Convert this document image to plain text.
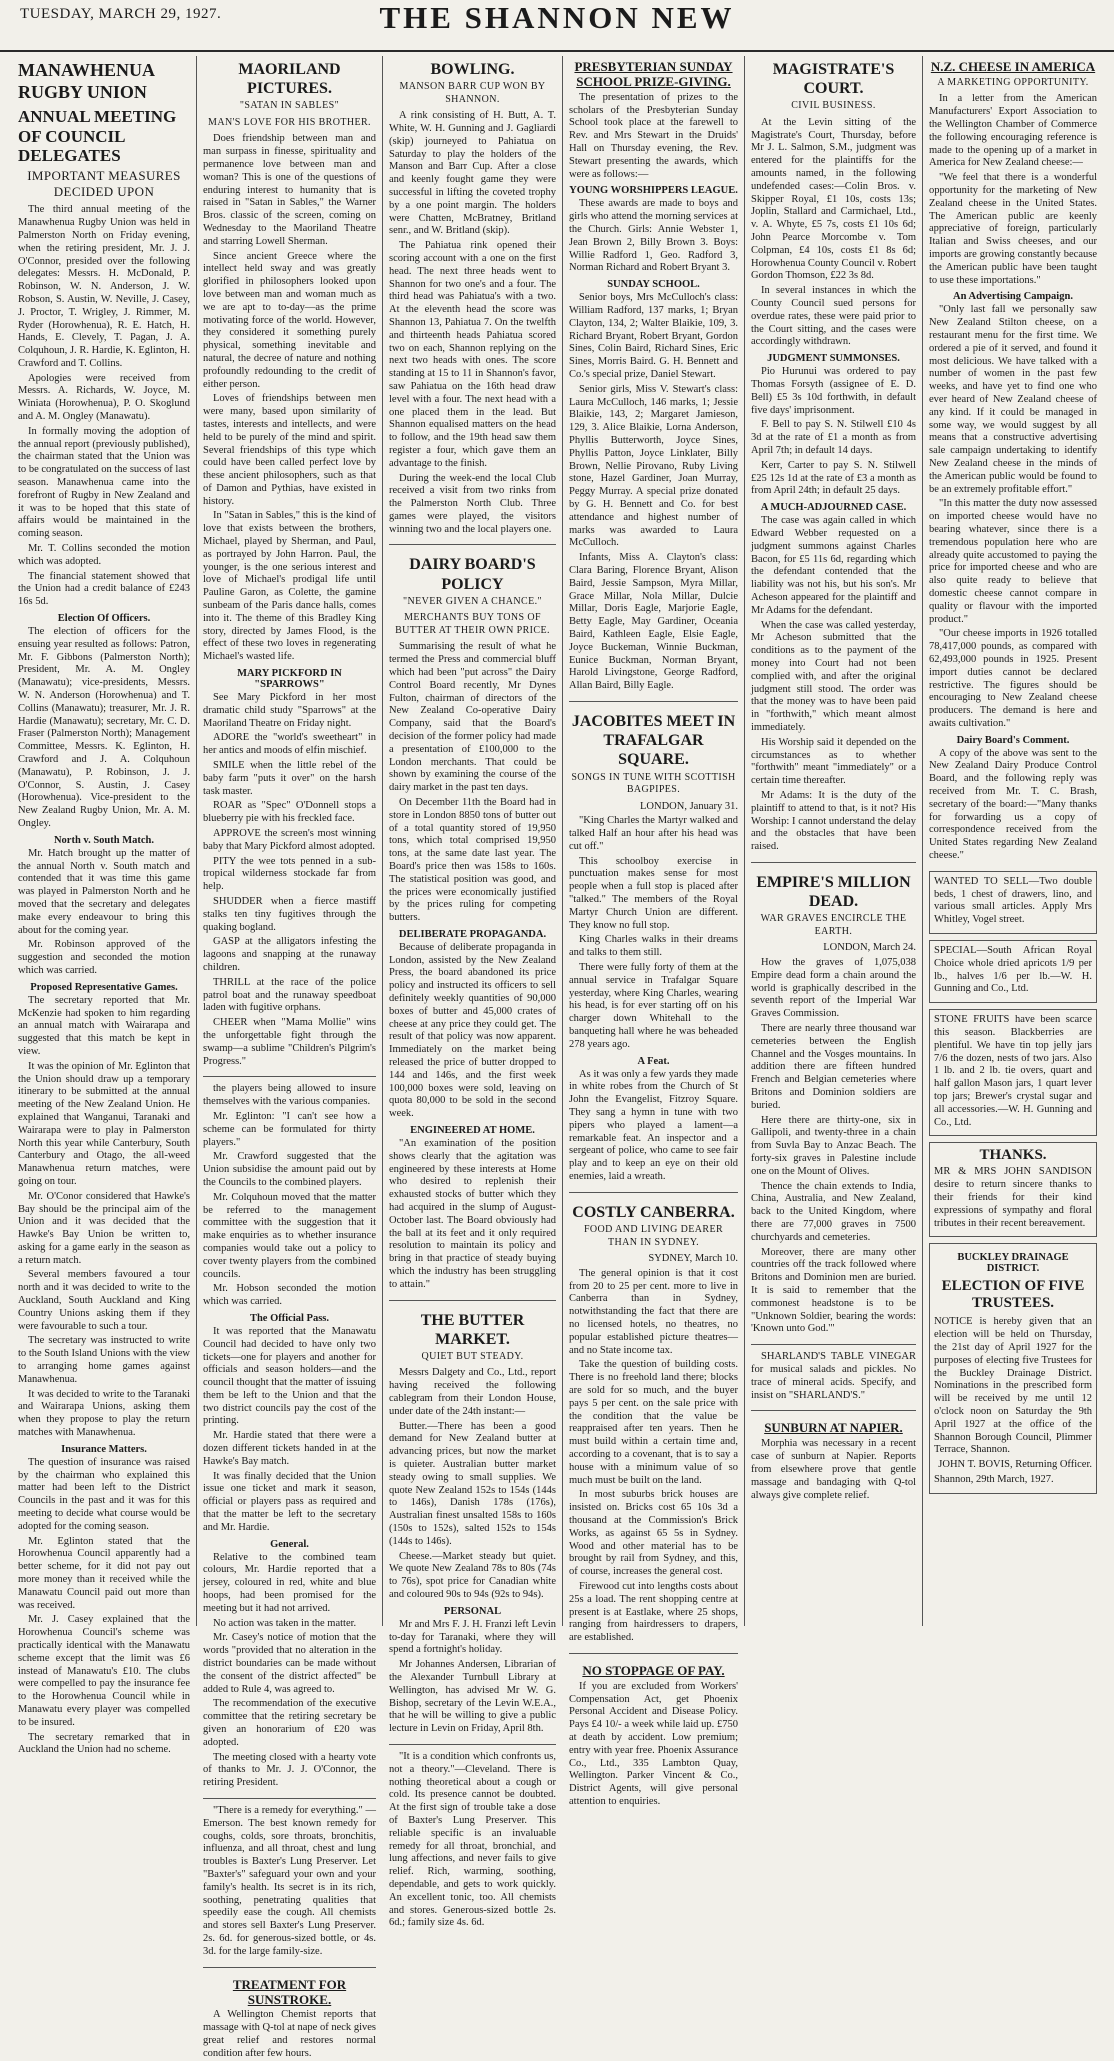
TUESDAY, MARCH 29, 1927.	THE SHANNON NEW
MANAWHENUA RUGBY UNION
ANNUAL MEETING OF COUNCIL DELEGATES
IMPORTANT MEASURES DECIDED UPON

The third annual meeting of the Manawhenua Rugby Union was held in Palmerston North on Friday evening, when the retiring president, Mr. J. J. O'Connor, presided over the following delegates: Messrs. H. McDonald, P. Robinson, W. N. Anderson, J. W. Robson, S. Austin, W. Neville, J. Casey, J. Proctor, T. Wrigley, J. Rimmer, M. Ryder (Horowhenua), R. E. Hatch, H. Hands, E. Clevely, T. Pagan, J. A. Colquhoun, J. R. Hardie, K. Eglinton, H. Crawford and T. Collins.

Apologies were received from Messrs. A. Richards, W. Joyce, M. Winiata (Horowhenua), P. O. Skoglund and A. M. Ongley (Manawatu).

In formally moving the adoption of the annual report (previously published), the chairman stated that the Union was to be congratulated on the success of last season. Manawhenua came into the forefront of Rugby in New Zealand and it was to be hoped that this state of affairs would be maintained in the coming season.

Mr. T. Collins seconded the motion which was adopted.

The financial statement showed that the Union had a credit balance of £243 16s 5d.

Election Of Officers.

The election of officers for the ensuing year resulted as follows: Patron, Mr. F. Gibbons (Palmerston North); President, Mr. A. M. Ongley (Manawatu); vice-presidents, Messrs. W. N. Anderson (Horowhenua) and T. Collins (Manawatu); treasurer, Mr. J. R. Hardie (Manawatu); secretary, Mr. C. D. Fraser (Palmerston North); Management Committee, Messrs. K. Eglinton, H. Crawford and J. A. Colquhoun (Manawatu), P. Robinson, J. J. O'Connor, S. Austin, J. Casey (Horowhenua). Vice-president to the New Zealand Rugby Union, Mr. A. M. Ongley.

North v. South Match.

Mr. Hatch brought up the matter of the annual North v. South match and contended that it was time this game was played in Palmerston North and he moved that the secretary and delegates make every endeavour to bring this about for the coming year.

Mr. Robinson approved of the suggestion and seconded the motion which was carried.

Proposed Representative Games.

The secretary reported that Mr. McKenzie had spoken to him regarding an annual match with Wairarapa and suggested that this match be kept in view.

It was the opinion of Mr. Eglinton that the Union should draw up a temporary itinerary to be submitted at the annual meeting of the New Zealand Union. He explained that Wanganui, Taranaki and Wairarapa were to play in Palmerston North this year while Canterbury, South Canterbury and Otago, the all-weed Manawhenua return matches, were going on tour.

Mr. O'Conor considered that Hawke's Bay should be the principal aim of the Union and it was decided that the Hawke's Bay Union be written to, asking for a game early in the season as a return match.

Several members favoured a tour north and it was decided to write to the Auckland, South Auckland and King Country Unions asking them if they were favourable to such a tour.

The secretary was instructed to write to the South Island Unions with the view to arranging home games against Manawhenua.

It was decided to write to the Taranaki and Wairarapa Unions, asking them when they propose to play the return matches with Manawhenua.

Insurance Matters.

The question of insurance was raised by the chairman who explained this matter had been left to the District Councils in the past and it was for this meeting to decide what course would be adopted for the coming season.

Mr. Eglinton stated that the Horowhenua Council apparently had a better scheme, for it did not pay out more money than it received while the Manawatu Council paid out more than was received.

Mr. J. Casey explained that the Horowhenua Council's scheme was practically identical with the Manawatu scheme except that the limit was £6 instead of Manawatu's £10. The clubs were compelled to pay the insurance fee to the Horowhenua Council while in Manawatu every player was compelled to be insured.

The secretary remarked that in Auckland the Union had no scheme.

MAORILAND PICTURES.
"SATAN IN SABLES"
MAN'S LOVE FOR HIS BROTHER.

Does friendship between man and man surpass in finesse, spirituality and permanence love between man and woman? This is one of the questions of enduring interest to humanity that is raised in "Satan in Sables," the Warner Bros. classic of the screen, coming on Wednesday to the Maoriland Theatre and starring Lowell Sherman.

Since ancient Greece where the intellect held sway and was greatly glorified in philosophers looked upon love between man and woman much as we are apt to to-day—as the prime motivating force of the world. However, they considered it something purely physical, something inevitable and natural, the decree of nature and nothing profoundly redounding to the credit of either person.

Loves of friendships between men were many, based upon similarity of tastes, interests and intellects, and were held to be purely of the mind and spirit. Several friendships of this type which could have been called perfect love by these ancient philosophers, such as that of Damon and Pythias, have existed in history.

In "Satan in Sables," this is the kind of love that exists between the brothers, Michael, played by Sherman, and Paul, as portrayed by John Harron. Paul, the younger, is the one serious interest and love of Michael's prodigal life until Pauline Garon, as Colette, the gamine sunbeam of the Paris dance halls, comes into it. The theme of this Bradley King story, directed by James Flood, is the effect of these two loves in regenerating Michael's wasted life.

MARY PICKFORD IN "SPARROWS"

See Mary Pickford in her most dramatic child study "Sparrows" at the Maoriland Theatre on Friday night.

ADORE the "world's sweetheart" in her antics and moods of elfin mischief.

SMILE when the little rebel of the baby farm "puts it over" on the harsh task master.

ROAR as "Spec" O'Donnell stops a blueberry pie with his freckled face.

APPROVE the screen's most winning baby that Mary Pickford almost adopted.

PITY the wee tots penned in a sub-tropical wilderness stockade far from help.

SHUDDER when a fierce mastiff stalks ten tiny fugitives through the quaking bogland.

GASP at the alligators infesting the lagoons and snapping at the runaway children.

THRILL at the race of the police patrol boat and the runaway speedboat laden with fugitive orphans.

CHEER when "Mama Mollie" wins the unforgettable fight through the swamp—a sublime "Children's Pilgrim's Progress."

the players being allowed to insure themselves with the various companies.

Mr. Eglinton: "I can't see how a scheme can be formulated for thirty players."

Mr. Crawford suggested that the Union subsidise the amount paid out by the Councils to the combined players.

Mr. Colquhoun moved that the matter be referred to the management committee with the suggestion that it make enquiries as to whether insurance companies would take out a policy to cover twenty players from the combined councils.

Mr. Hobson seconded the motion which was carried.

The Official Pass.

It was reported that the Manawatu Council had decided to have only two tickets—one for players and another for officials and season holders—and the council thought that the matter of issuing them be left to the Union and that the two district councils pay the cost of the printing.

Mr. Hardie stated that there were a dozen different tickets handed in at the Hawke's Bay match.

It was finally decided that the Union issue one ticket and mark it season, official or players pass as required and that the matter be left to the secretary and Mr. Hardie.

General.

Relative to the combined team colours, Mr. Hardie reported that a jersey, coloured in red, white and blue hoops, had been promised for the meeting but it had not arrived.

No action was taken in the matter.

Mr. Casey's notice of motion that the words "provided that no alteration in the district boundaries can be made without the consent of the district affected" be added to Rule 4, was agreed to.

The recommendation of the executive committee that the retiring secretary be given an honorarium of £20 was adopted.

The meeting closed with a hearty vote of thanks to Mr. J. J. O'Connor, the retiring President.

"There is a remedy for everything." —Emerson. The best known remedy for coughs, colds, sore throats, bronchitis, influenza, and all throat, chest and lung troubles is Baxter's Lung Preserver. Let "Baxter's" safeguard your own and your family's health. Its secret is in its rich, soothing, penetrating qualities that speedily ease the cough. All chemists and stores sell Baxter's Lung Preserver. 2s. 6d. for generous-sized bottle, or 4s. 3d. for the large family-size.

TREATMENT FOR SUNSTROKE.

A Wellington Chemist reports that massage with Q-tol at nape of neck gives great relief and restores normal condition after few hours.

BOWLING.
MANSON BARR CUP WON BY SHANNON.

A rink consisting of H. Butt, A. T. White, W. H. Gunning and J. Gagliardi (skip) journeyed to Pahiatua on Saturday to play the holders of the Manson and Barr Cup. After a close and keenly fought game they were successful in lifting the coveted trophy by a one point margin. The holders were Chatten, McBratney, Britland senr., and W. Britland (skip).

The Pahiatua rink opened their scoring account with a one on the first head. The next three heads went to Shannon for two one's and a four. The third head was Pahiatua's with a two. At the eleventh head the score was Shannon 13, Pahiatua 7. On the twelfth and thirteenth heads Pahiatua scored two on each, Shannon replying on the next two heads with ones. The score standing at 15 to 11 in Shannon's favor, saw Pahiatua on the 16th head draw level with a four. The next head with a one placed them in the lead. But Shannon equalised matters on the head to follow, and the 19th head saw them register a four, which gave them an advantage to the finish.

During the week-end the local Club received a visit from two rinks from the Palmerston North Club. Three games were played, the visitors winning two and the local players one.

DAIRY BOARD'S POLICY
"NEVER GIVEN A CHANCE."
MERCHANTS BUY TONS OF BUTTER AT THEIR OWN PRICE.

Summarising the result of what he termed the Press and commercial bluff which had been "put across" the Dairy Control Board recently, Mr Dynes Fulton, chairman of directors of the New Zealand Co-operative Dairy Company, said that the Board's decision of the former policy had made a presentation of £100,000 to the London merchants. That could be shown by examining the course of the dairy market in the past ten days.

On December 11th the Board had in store in London 8850 tons of butter out of a total quantity stored of 19,950 tons, which total comprised 19,950 tons, at the same date last year. The Board's price then was 158s to 160s. The statistical position was good, and the prices were economically justified by the prices ruling for competing butters.

DELIBERATE PROPAGANDA.

Because of deliberate propaganda in London, assisted by the New Zealand Press, the board abandoned its price policy and instructed its officers to sell definitely weekly quantities of 90,000 boxes of butter and 45,000 crates of cheese at any price they could get. The result of that policy was now apparent. Immediately on the market being released the price of butter dropped to 144 and 146s, and the first week 100,000 boxes were sold, leaving on quota 80,000 to be sold in the second week.

ENGINEERED AT HOME.

"An examination of the position shows clearly that the agitation was engineered by these interests at Home who desired to replenish their exhausted stocks of butter which they had acquired in the slump of August-October last. The Board obviously had the ball at its feet and it only required resolution to maintain its policy and bring in that practice of steady buying which the industry has been struggling to attain."

THE BUTTER MARKET.
QUIET BUT STEADY.

Messrs Dalgety and Co., Ltd., report having received the following cablegram from their London House, under date of the 24th instant:—

Butter.—There has been a good demand for New Zealand butter at advancing prices, but now the market is quieter. Australian butter market steady owing to small supplies. We quote New Zealand 152s to 154s (144s to 146s), Danish 178s (176s), Australian finest unsalted 158s to 160s (150s to 152s), salted 152s to 154s (144s to 146s).

Cheese.—Market steady but quiet. We quote New Zealand 78s to 80s (74s to 76s), spot price for Canadian white and coloured 90s to 94s (92s to 94s).

PERSONAL

Mr and Mrs F. J. H. Franzi left Levin to-day for Taranaki, where they will spend a fortnight's holiday.

Mr Johannes Andersen, Librarian of the Alexander Turnbull Library at Wellington, has advised Mr W. G. Bishop, secretary of the Levin W.E.A., that he will be willing to give a public lecture in Levin on Friday, April 8th.

"It is a condition which confronts us, not a theory."—Cleveland. There is nothing theoretical about a cough or cold. Its presence cannot be doubted. At the first sign of trouble take a dose of Baxter's Lung Preserver. This reliable specific is an invaluable remedy for all throat, bronchial, and lung affections, and never fails to give relief. Rich, warming, soothing, dependable, and gets to work quickly. An excellent tonic, too. All chemists and stores. Generous-sized bottle 2s. 6d.; family size 4s. 6d.

PRESBYTERIAN SUNDAY SCHOOL PRIZE-GIVING.

The presentation of prizes to the scholars of the Presbyterian Sunday School took place at the farewell to Rev. and Mrs Stewart in the Druids' Hall on Thursday evening, the Rev. Stewart presenting the awards, which were as follows:—

YOUNG WORSHIPPERS LEAGUE.

These awards are made to boys and girls who attend the morning services at the Church. Girls: Annie Webster 1, Jean Brown 2, Billy Brown 3. Boys: Willie Radford 1, Geo. Radford 3, Norman Richard and Robert Bryant 3.

SUNDAY SCHOOL.

Senior boys, Mrs McCulloch's class: William Radford, 137 marks, 1; Bryan Clayton, 134, 2; Walter Blaikie, 109, 3. Richard Bryant, Robert Bryant, Gordon Sines, Colin Baird, Richard Sines, Eric Sines, Morris Baird. G. H. Bennett and Co.'s special prize, Daniel Stewart.

Senior girls, Miss V. Stewart's class: Laura McCulloch, 146 marks, 1; Jessie Blaikie, 143, 2; Margaret Jamieson, 129, 3. Alice Blaikie, Lorna Anderson, Phyllis Butterworth, Joyce Sines, Phyllis Patton, Joyce Linklater, Billy Brown, Nellie Pirovano, Ruby Living stone, Hazel Gardiner, Joan Murray, Peggy Murray. A special prize donated by G. H. Bennett and Co. for best attendance and highest number of marks was awarded to Laura McCulloch.

Infants, Miss A. Clayton's class: Clara Baring, Florence Bryant, Alison Baird, Jessie Sampson, Myra Millar, Grace Millar, Nola Millar, Dulcie Millar, Doris Eagle, Marjorie Eagle, Betty Eagle, May Gardiner, Oceania Baird, Kathleen Eagle, Elsie Eagle, Joyce Buckeman, Winnie Buckman, Eunice Buckman, Norman Bryant, Harold Livingstone, George Radford, Allan Baird, Billy Eagle.

JACOBITES MEET IN TRAFALGAR SQUARE.
SONGS IN TUNE WITH SCOTTISH BAGPIPES.

LONDON, January 31.

"King Charles the Martyr walked and talked Half an hour after his head was cut off."

This schoolboy exercise in punctuation makes sense for most people when a full stop is placed after "talked." The members of the Royal Martyr Church Union are different. They know no full stop.

King Charles walks in their dreams and talks to them still.

There were fully forty of them at the annual service in Trafalgar Square yesterday, where King Charles, wearing his head, is for ever starting off on his charger down Whitehall to the banqueting hall where he was beheaded 278 years ago.

A Feat.

As it was only a few yards they made in white robes from the Church of St John the Evangelist, Fitzroy Square. They sang a hymn in tune with two pipers who played a lament—a remarkable feat. An inspector and a sergeant of police, who came to see fair play and to keep an eye on their old enemies, laid a wreath.

COSTLY CANBERRA.
FOOD AND LIVING DEARER THAN IN SYDNEY.

SYDNEY, March 10.

The general opinion is that it cost from 20 to 25 per cent. more to live in Canberra than in Sydney, notwithstanding the fact that there are no licensed hotels, no theatres, no popular established picture theatres—and no State income tax.

Take the question of building costs. There is no freehold land there; blocks are sold for so much, and the buyer pays 5 per cent. on the sale price with the condition that the value be reappraised after ten years. Then he must build within a certain time and, according to a covenant, that is to say a house with a minimum value of so much must be built on the land.

In most suburbs brick houses are insisted on. Bricks cost 65 10s 3d a thousand at the Commission's Brick Works, as against 65 5s in Sydney. Wood and other material has to be brought by rail from Sydney, and this, of course, increases the general cost.

Firewood cut into lengths costs about 25s a load. The rent shopping centre at present is at Eastlake, where 25 shops, ranging from hairdressers to drapers, are established.

NO STOPPAGE OF PAY.

If you are excluded from Workers' Compensation Act, get Phoenix Personal Accident and Disease Policy. Pays £4 10/- a week while laid up. £750 at death by accident. Low premium; entry with year free. Phoenix Assurance Co., Ltd., 335 Lambton Quay, Wellington. Parker Vincent & Co., District Agents, will give personal attention to enquiries.

MAGISTRATE'S COURT.
CIVIL BUSINESS.

At the Levin sitting of the Magistrate's Court, Thursday, before Mr J. L. Salmon, S.M., judgment was entered for the plaintiffs for the amounts named, in the following undefended cases:—Colin Bros. v. Skipper Royal, £1 10s, costs 13s; Joplin, Stallard and Carmichael, Ltd., v. A. Whyte, £5 7s, costs £1 10s 6d; John Pearce Morcombe v. Tom Colpman, £4 10s, costs £1 8s 6d; Horowhenua County Council v. Robert Gordon Thomson, £22 3s 8d.

In several instances in which the County Council sued persons for overdue rates, these were paid prior to the Court sitting, and the cases were accordingly withdrawn.

JUDGMENT SUMMONSES.

Pio Hurunui was ordered to pay Thomas Forsyth (assignee of E. D. Bell) £5 3s 10d forthwith, in default five days' imprisonment.

F. Bell to pay S. N. Stilwell £10 4s 3d at the rate of £1 a month as from April 7th; in default 14 days.

Kerr, Carter to pay S. N. Stilwell £25 12s 1d at the rate of £3 a month as from April 24th; in default 25 days.

A MUCH-ADJOURNED CASE.

The case was again called in which Edward Webber requested on a judgment summons against Charles Bacon, for £5 11s 6d, regarding which the defendant contended that the liability was not his, but his son's. Mr Acheson appeared for the plaintiff and Mr Adams for the defendant.

When the case was called yesterday, Mr Acheson submitted that the conditions as to the payment of the money into Court had not been complied with, and after the original judgment still stood. The order was that the money was to have been paid in "forthwith," which meant almost immediately.

His Worship said it depended on the circumstances as to whether "forthwith" meant "immediately" or a certain time thereafter.

Mr Adams: It is the duty of the plaintiff to attend to that, is it not? His Worship: I cannot understand the delay and the obstacles that have been raised.

EMPIRE'S MILLION DEAD.
WAR GRAVES ENCIRCLE THE EARTH.

LONDON, March 24.

How the graves of 1,075,038 Empire dead form a chain around the world is graphically described in the seventh report of the Imperial War Graves Commission.

There are nearly three thousand war cemeteries between the English Channel and the Vosges mountains. In addition there are fifteen hundred French and Belgian cemeteries where Britons and Dominion soldiers are buried.

Here there are thirty-one, six in Gallipoli, and twenty-three in a chain from Suvla Bay to Anzac Beach. The forty-six graves in Palestine include one on the Mount of Olives.

Thence the chain extends to India, China, Australia, and New Zealand, back to the United Kingdom, where there are 77,000 graves in 7500 churchyards and cemeteries.

Moreover, there are many other countries off the track followed where Britons and Dominion men are buried. It is said to remember that the commonest headstone is to be "Unknown Soldier, bearing the words: 'Known unto God.'"

SHARLAND'S TABLE VINEGAR for musical salads and pickles. No trace of mineral acids. Specify, and insist on "SHARLAND'S."

SUNBURN AT NAPIER.

Morphia was necessary in a recent case of sunburn at Napier. Reports from elsewhere prove that gentle massage and bandaging with Q-tol always give complete relief.

N.Z. CHEESE IN AMERICA
A MARKETING OPPORTUNITY.

In a letter from the American Manufacturers' Export Association to the Wellington Chamber of Commerce the following encouraging reference is made to the opening up of a market in America for New Zealand cheese:—

"We feel that there is a wonderful opportunity for the marketing of New Zealand cheese in the United States. The American public are keenly appreciative of foreign, particularly Italian and Swiss cheeses, and our imports are growing constantly because the American public have been taught to use these importations."

An Advertising Campaign.

"Only last fall we personally saw New Zealand Stilton cheese, on a restaurant menu for the first time. We ordered a pie of it served, and found it most delicious. We have talked with a number of women in the past few weeks, and have yet to find one who ever heard of New Zealand cheese of any kind. If it could be managed in some way, we would suggest by all means that a constructive advertising sale campaign undertaking to identify New Zealand cheese in the minds of the American public would be found to be an extremely profitable effort."

"In this matter the duty now assessed on imported cheese would have no bearing whatever, since there is a tremendous population here who are already quite accustomed to paying the price for imported cheese and who are also quite ready to believe that domestic cheese cannot compare in quality or flavour with the imported product."

"Our cheese imports in 1926 totalled 78,417,000 pounds, as compared with 62,493,000 pounds in 1925. Present import duties cannot be declared restrictive. The figures should be encouraging to New Zealand cheese producers. The demand is here and awaits cultivation."

Dairy Board's Comment.

A copy of the above was sent to the New Zealand Dairy Produce Control Board, and the following reply was received from Mr. T. C. Brash, secretary of the board:—"Many thanks for forwarding us a copy of correspondence received from the United States regarding New Zealand cheese."

WANTED TO SELL—Two double beds, 1 chest of drawers, lino, and various small articles. Apply Mrs Whitley, Vogel street.

SPECIAL—South African Royal Choice whole dried apricots 1/9 per lb., halves 1/6 per lb.—W. H. Gunning and Co., Ltd.

STONE FRUITS have been scarce this season. Blackberries are plentiful. We have tin top jelly jars 7/6 the dozen, nests of two jars. Also 1 lb. and 2 lb. tie overs, quart and half gallon Mason jars, 1 quart lever top jars; Brewer's crystal sugar and all accessories.—W. H. Gunning and Co., Ltd.

THANKS.

MR & MRS JOHN SANDISON desire to return sincere thanks to their friends for their kind expressions of sympathy and floral tributes in their recent bereavement.

BUCKLEY DRAINAGE DISTRICT.
ELECTION OF FIVE TRUSTEES.

NOTICE is hereby given that an election will be held on Thursday, the 21st day of April 1927 for the purposes of electing five Trustees for the Buckley Drainage District. Nominations in the prescribed form will be received by me until 12 o'clock noon on Saturday the 9th April 1927 at the office of the Shannon Borough Council, Plimmer Terrace, Shannon.

JOHN T. BOVIS, Returning Officer.

Shannon, 29th March, 1927.
